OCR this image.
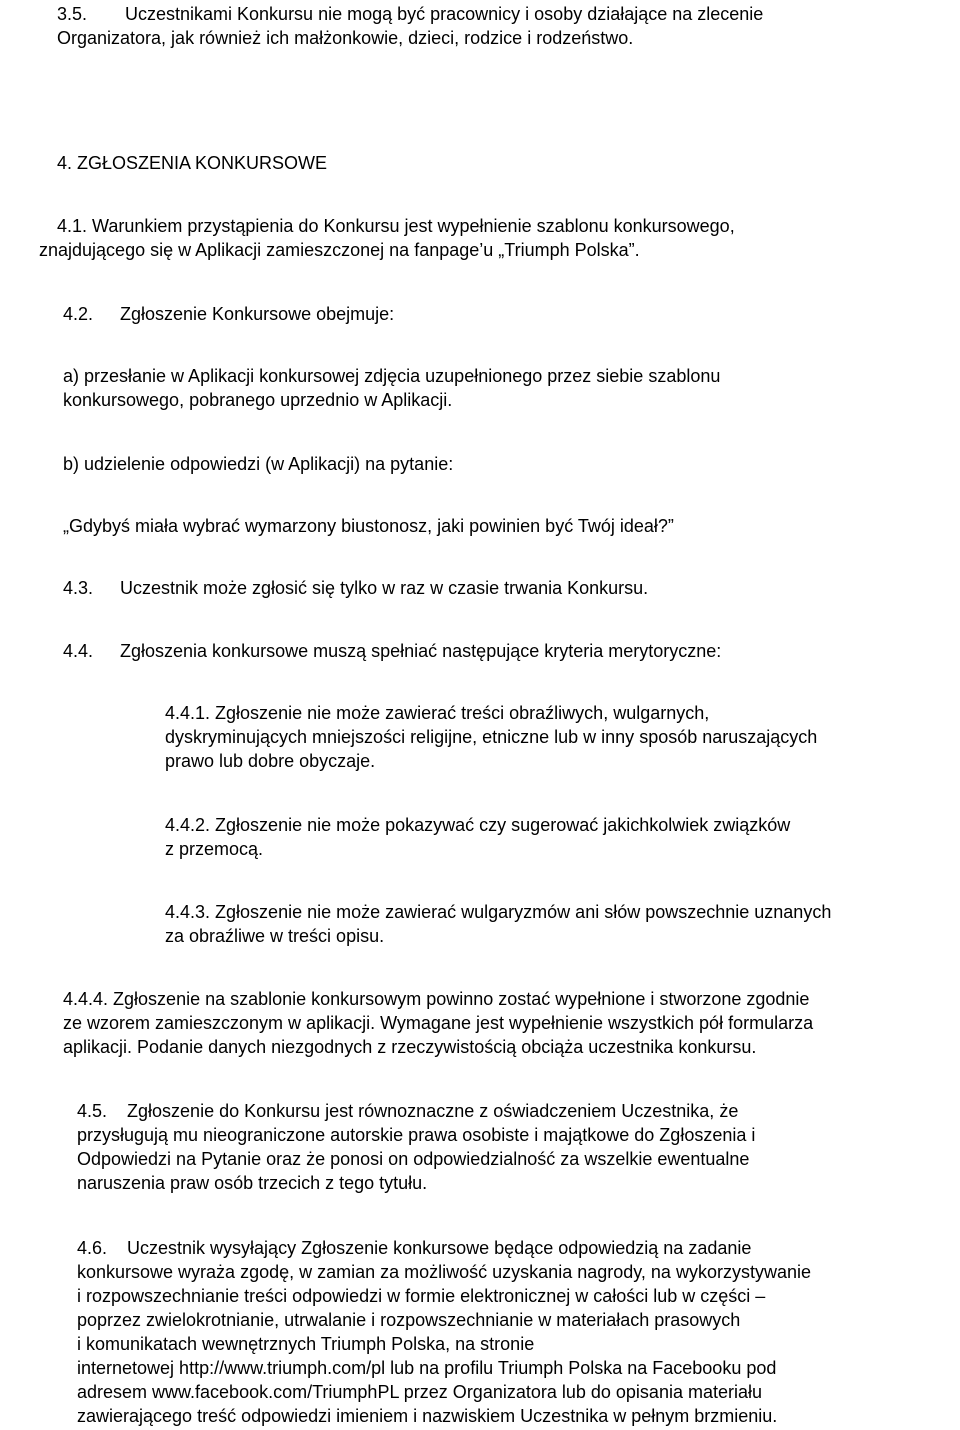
3.5. Uczestnikami Konkursu nie mogą być pracownicy i osoby działające na zlecenie
Organizatora, jak również ich małżonkowie, dzieci, rodzice i rodzeństwo.
4. ZGŁOSZENIA KONKURSOWE
4.1. Warunkiem przystąpienia do Konkursu jest wypełnienie szablonu konkursowego,
znajdującego się w Aplikacji zamieszczonej na fanpage’u „Triumph Polska”.
4.2. Zgłoszenie Konkursowe obejmuje:
a) przesłanie w Aplikacji konkursowej zdjęcia uzupełnionego przez siebie szablonu
konkursowego, pobranego uprzednio w Aplikacji.
b) udzielenie odpowiedzi (w Aplikacji) na pytanie:
„Gdybyś miała wybrać wymarzony biustonosz, jaki powinien być Twój ideał?”
4.3. Uczestnik może zgłosić się tylko w raz w czasie trwania Konkursu.
4.4. Zgłoszenia konkursowe muszą spełniać następujące kryteria merytoryczne:
4.4.1. Zgłoszenie nie może zawierać treści obraźliwych, wulgarnych,
dyskryminujących mniejszości religijne, etniczne lub w inny sposób naruszających
prawo lub dobre obyczaje.
4.4.2. Zgłoszenie nie może pokazywać czy sugerować jakichkolwiek związków
z przemocą.
4.4.3. Zgłoszenie nie może zawierać wulgaryzmów ani słów powszechnie uznanych
za obraźliwe w treści opisu.
4.4.4. Zgłoszenie na szablonie konkursowym powinno zostać wypełnione i stworzone zgodnie
ze wzorem zamieszczonym w aplikacji. Wymagane jest wypełnienie wszystkich pół formularza
aplikacji. Podanie danych niezgodnych z rzeczywistością obciąża uczestnika konkursu.
4.5.    Zgłoszenie do Konkursu jest równoznaczne z oświadczeniem Uczestnika, że
przysługują mu nieograniczone autorskie prawa osobiste i majątkowe do Zgłoszenia i
Odpowiedzi na Pytanie oraz że ponosi on odpowiedzialność za wszelkie ewentualne
naruszenia praw osób trzecich z tego tytułu.
4.6.    Uczestnik wysyłający Zgłoszenie konkursowe będące odpowiedzią na zadanie
konkursowe wyraża zgodę, w zamian za możliwość uzyskania nagrody, na wykorzystywanie
i rozpowszechnianie treści odpowiedzi w formie elektronicznej w całości lub w części –
poprzez zwielokrotnianie, utrwalanie i rozpowszechnianie w materiałach prasowych
i komunikatach wewnętrznych Triumph Polska, na stronie
internetowej http://www.triumph.com/pl lub na profilu Triumph Polska na Facebooku pod
adresem www.facebook.com/TriumphPL przez Organizatora lub do opisania materiału
zawierającego treść odpowiedzi imieniem i nazwiskiem Uczestnika w pełnym brzmieniu.
